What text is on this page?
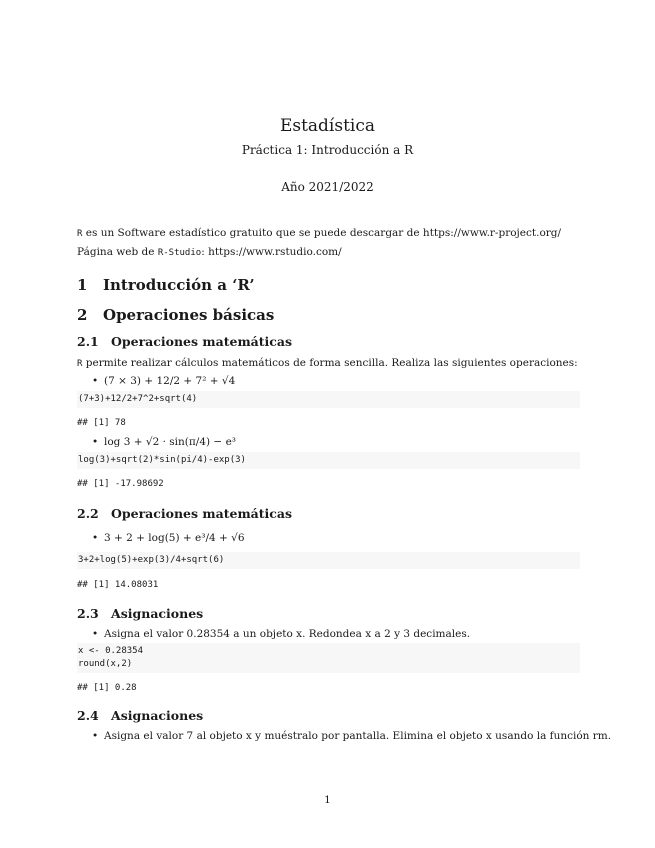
Estadística
Práctica 1: Introducción a R
Año 2021/2022
R es un Software estadístico gratuito que se puede descargar de https://www.r-project.org/
Página web de R-Studio: https://www.rstudio.com/
1 Introducción a ‘R’
2 Operaciones básicas
2.1 Operaciones matemáticas
R permite realizar cálculos matemáticos de forma sencilla. Realiza las siguientes operaciones:
• (7 × 3) + 12/2 + 7² + √4
(7+3)+12/2+7^2+sqrt(4)
## [1] 78
• log 3 + √2 · sin(π/4) − e³
log(3)+sqrt(2)*sin(pi/4)-exp(3)
## [1] -17.98692
2.2 Operaciones matemáticas
• 3 + 2 + log(5) + e³/4 + √6
3+2+log(5)+exp(3)/4+sqrt(6)
## [1] 14.08031
2.3 Asignaciones
• Asigna el valor 0.28354 a un objeto x. Redondea x a 2 y 3 decimales.
x <- 0.28354
round(x,2)
## [1] 0.28
2.4 Asignaciones
• Asigna el valor 7 al objeto x y muéstralo por pantalla. Elimina el objeto x usando la función rm.
1
